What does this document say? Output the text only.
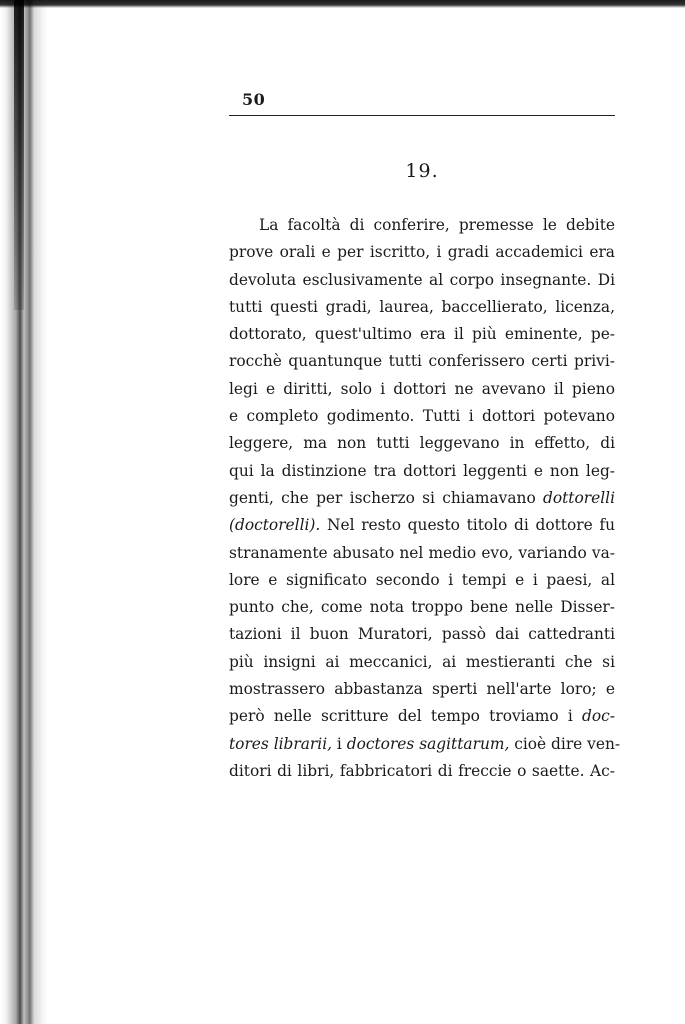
50
19.
La facoltà di conferire, premesse le debite
prove orali e per iscritto, i gradi accademici era
devoluta esclusivamente al corpo insegnante. Di
tutti questi gradi, laurea, baccellierato, licenza,
dottorato, quest'ultimo era il più eminente, pe-
rocchè quantunque tutti conferissero certi privi-
legi e diritti, solo i dottori ne avevano il pieno
e completo godimento. Tutti i dottori potevano
leggere, ma non tutti leggevano in effetto, di
qui la distinzione tra dottori leggenti e non leg-
genti, che per ischerzo si chiamavano dottorelli
(doctorelli). Nel resto questo titolo di dottore fu
stranamente abusato nel medio evo, variando va-
lore e significato secondo i tempi e i paesi, al
punto che, come nota troppo bene nelle Disser-
tazioni il buon Muratori, passò dai cattedranti
più insigni ai meccanici, ai mestieranti che si
mostrassero abbastanza sperti nell'arte loro; e
però nelle scritture del tempo troviamo i doc-
tores librarii, i doctores sagittarum, cioè dire ven-
ditori di libri, fabbricatori di freccie o saette. Ac-
